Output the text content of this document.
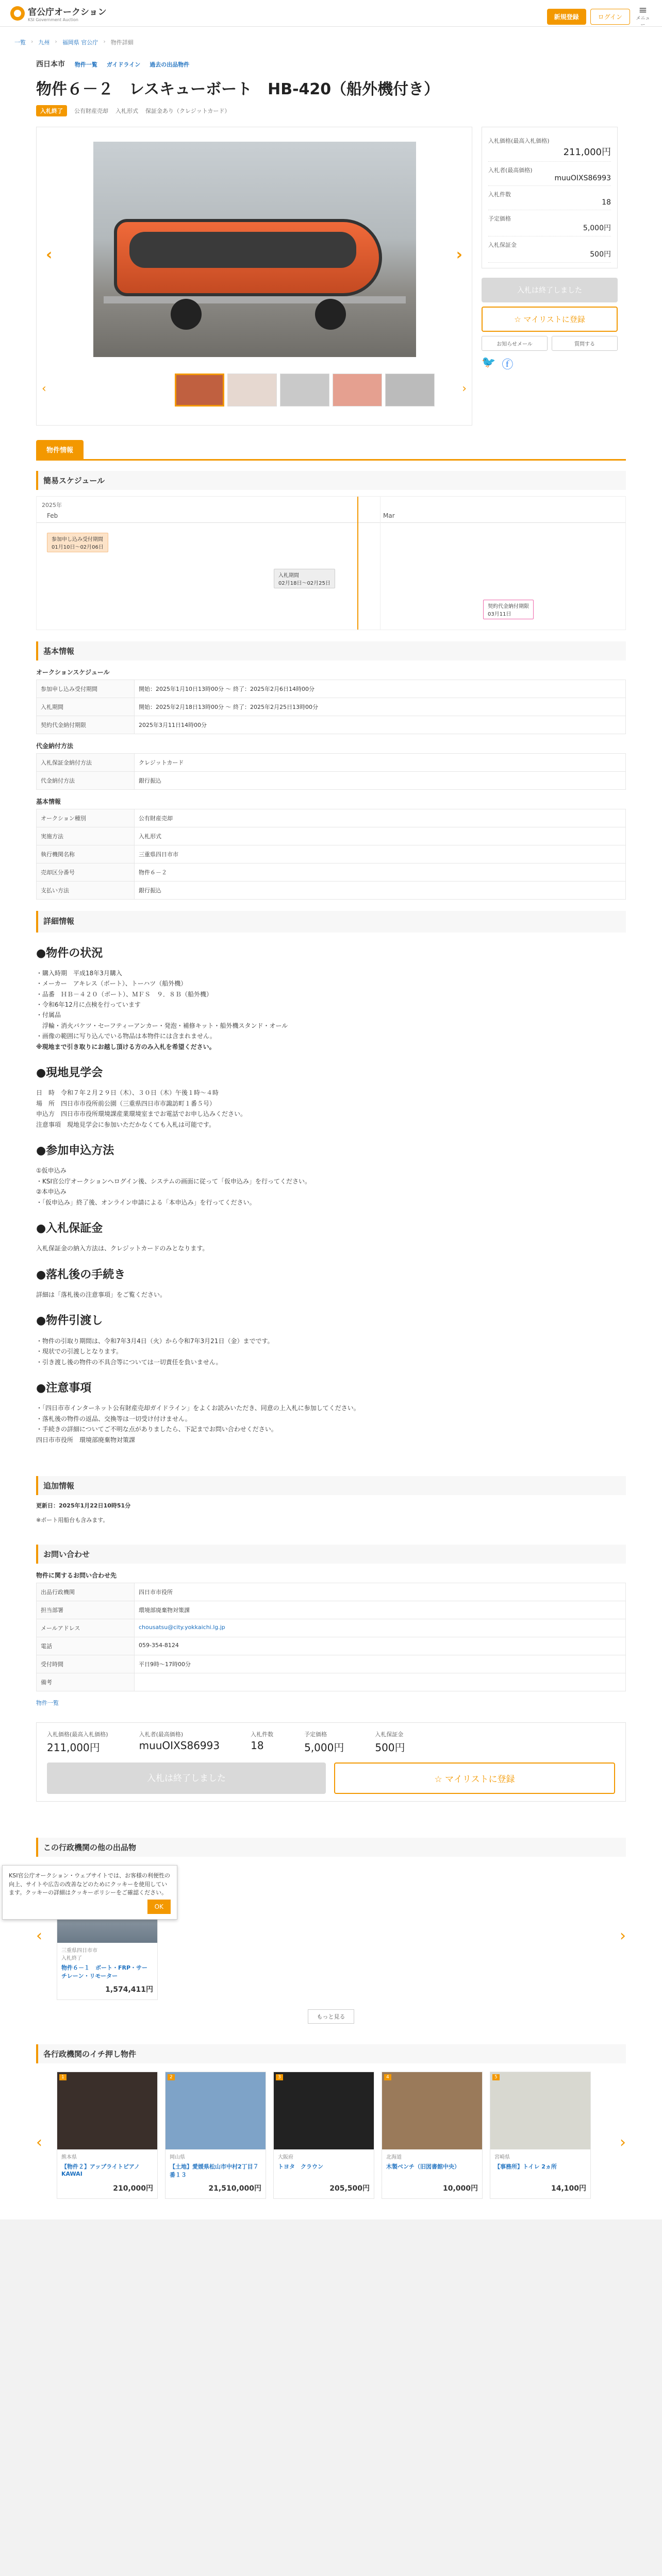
官公庁オークション
KSI Government Auction	新規登録	ログイン
≡
メニュー
一覧 › 九州 › 福岡県 官公庁 › 物件詳細
西日本市 物件一覧 ガイドライン 過去の出品物件
物件６－２　レスキューボート　HB-420（船外機付き）
入札終了	公有財産売却 入札形式 保証金あり（クレジットカード）
‹	›
‹	›
入札価格(最高入札価格)
211,000円
入札者(最高価格)
muuOIXS86993
入札件数
18
予定価格
5,000円
入札保証金
500円
入札は終了しました
☆ マイリストに登録
お知らせメール	質問する
🐦 ⓕ
物件情報
簡易スケジュール
2025年
Feb	Mar
参加申し込み受付期間
01月10日～02月06日
入札期間
02月18日～02月25日
契約代金納付期限
03月11日
基本情報
オークションスケジュール
参加申し込み受付期間	開始：2025年1月10日13時00分 ～ 終了：2025年2月6日14時00分
入札期間	開始：2025年2月18日13時00分 ～ 終了：2025年2月25日13時00分
契約代金納付期限	2025年3月11日14時00分
代金納付方法
入札保証金納付方法	クレジットカード
代金納付方法	銀行振込
基本情報
オークション種別	公有財産売却
実施方法	入札形式
執行機関名称	三重県四日市市
売却区分番号	物件６－２
支払い方法	銀行振込
詳細情報
●物件の状況

・購入時期　平成18年3月購入

・メーカー　アキレス（ボート）、トーハツ（船外機）

・品番　ＨＢ－４２０（ボート）、ＭＦＳ　９．８Ｂ（船外機）

・令和6年12月に点検を行っています

・付属品

　浮輪・消火バケツ・セーフティーアンカー・発泡・補修キット・船外機スタンド・オール

・画像の範囲に写り込んでいる物品は本物件には含まれません。

※現地まで引き取りにお越し頂ける方のみ入札を希望ください。

●現地見学会

日　時　令和７年２月２９日（木）、３０日（木）午後１時～４時

場　所　四日市市役所前公園（三重県四日市市諏訪町１番５号）

申込方　四日市市役所環境課産業環境室までお電話でお申し込みください。

注意事項　現地見学会に参加いただかなくても入札は可能です。

●参加申込方法

①仮申込み

・KSI官公庁オークションへログイン後、システムの画面に従って「仮申込み」を行ってください。

②本申込み

・「仮申込み」終了後、オンライン申請による「本申込み」を行ってください。

●入札保証金

入札保証金の納入方法は、クレジットカードのみとなります。

●落札後の手続き

詳細は「落札後の注意事項」をご覧ください。

●物件引渡し

・物件の引取り期間は、令和7年3月4日（火）から令和7年3月21日（金）までです。

・現状での引渡しとなります。

・引き渡し後の物件の不具合等については一切責任を負いません。

●注意事項

・「四日市市インターネット公有財産売却ガイドライン」をよくお読みいただき、同意の上入札に参加してください。

・落札後の物件の返品、交換等は一切受け付けません。

・手続きの詳細についてご不明な点がありましたら、下記までお問い合わせください。

四日市市役所　環境部廃棄物対策課

追加情報

更新日：2025年1月22日10時51分

※ポート用船台も含みます。

お問い合わせ
物件に関するお問い合わせ先
出品行政機関	四日市市役所
担当部署	環境部廃棄物対策課
メールアドレス	chousatsu@city.yokkaichi.lg.jp
電話	059-354-8124
受付時間	平日9時～17時00分
備考	
物件一覧
入札価格(最高入札価格)
211,000円
入札者(最高価格)
muuOIXS86993
入札件数
18
予定価格
5,000円
入札保証金
500円
入札は終了しました	☆ マイリストに登録
この行政機関の他の出品物
‹
三重県四日市市
入札終了
物件６－１　ボート・FRP・サーチレーン・リモーター
1,574,411円
›
もっと見る
各行政機関のイチ押し物件
‹
1
熊本県
【物件２】アップライトピアノ　KAWAI
210,000円
2
岡山県
【土地】愛媛県松山市中村2丁目７番１３
21,510,000円
3
大阪府
トヨタ　クラウン
205,500円
4
北海道
木製ベンチ（旧図書館中央）
10,000円
5
宮崎県
【事務所】トイレ 2ヵ所
14,100円
›

KSI官公庁オークション・ウェブサイトでは、お客様の利便性の向上、サイトや広告の改善などのためにクッキーを使用しています。クッキーの詳細はクッキーポリシーをご確認ください。

OK
